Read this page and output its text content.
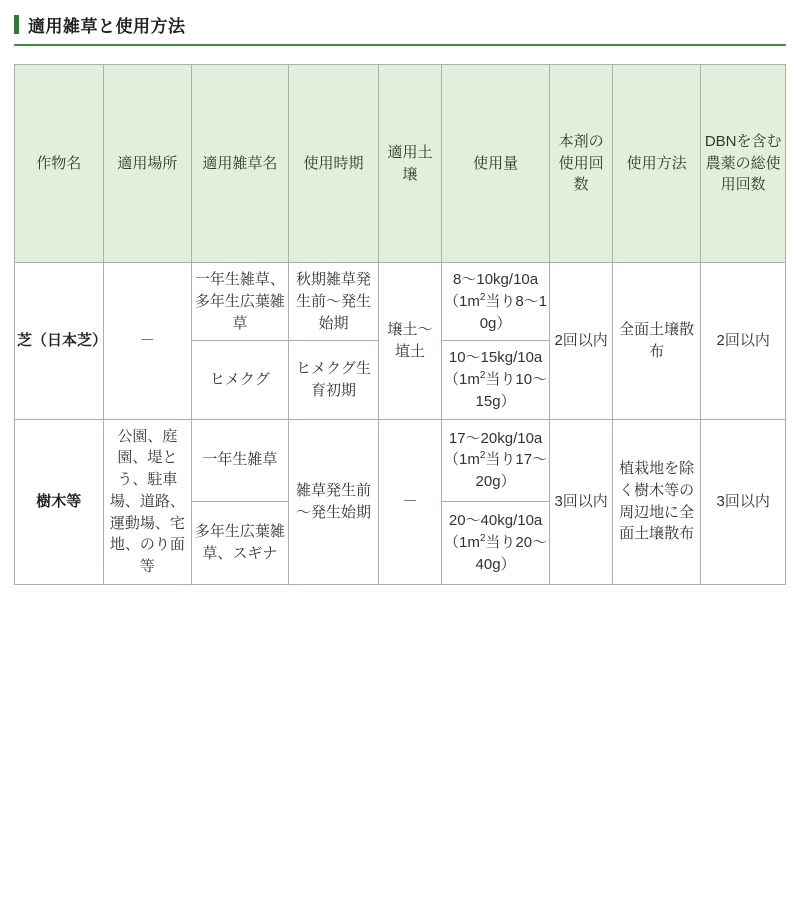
適用雑草と使用方法
作物名	適用場所	適用雑草名	使用時期	適用土壌	使用量	本剤の使用回数	使用方法	DBNを含む農薬の総使用回数
芝（日本芝）	－	一年生雑草、多年生広葉雑草	秋期雑草発生前～発生始期	壌土～埴土	8～10kg/10a （$1m^2$当り8～10g）	2回以内	全面土壌散布	2回以内
		ヒメクグ	ヒメクグ生育初期		10～15kg/10a （$1m^2$当り10～15g）			
樹木等	公園、庭園、堤とう、駐車場、道路、運動場、宅地、のり面等	一年生雑草	雑草発生前～発生始期	－	17～20kg/10a （$1m^2$当り17～20g）	3回以内	植栽地を除く樹木等の周辺地に全面土壌散布	3回以内
		多年生広葉雑草、スギナ			20～40kg/10a （$1m^2$当り20～40g）			
